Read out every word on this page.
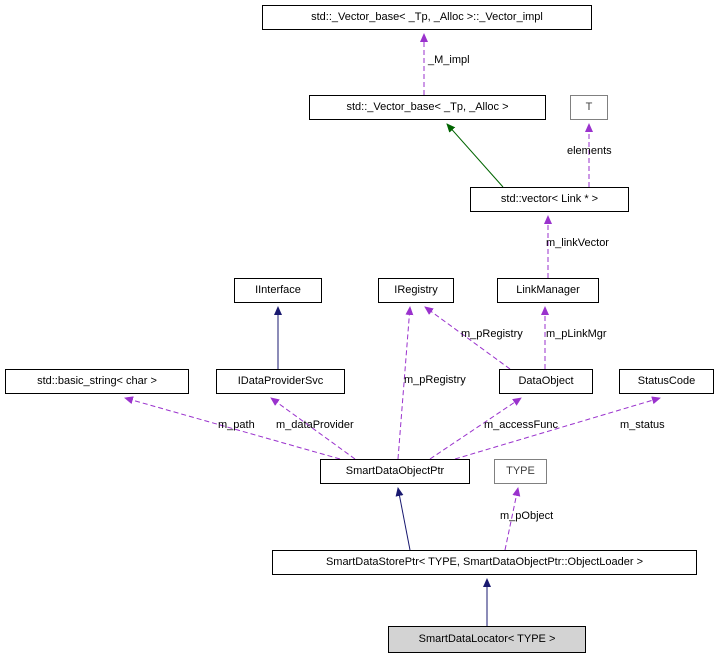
std::_Vector_base< _Tp, _Alloc >::_Vector_impl
std::_Vector_base< _Tp, _Alloc >	T
std::vector< Link * >
IInterface	IRegistry	LinkManager
std::basic_string< char >	IDataProviderSvc	DataObject	StatusCode
SmartDataObjectPtr	TYPE
SmartDataStorePtr< TYPE, SmartDataObjectPtr::ObjectLoader >
SmartDataLocator< TYPE >
_M_impl
elements
m_linkVector
m_pRegistry m_pLinkMgr
m_pRegistry
m_path m_dataProvider	m_accessFunc	m_status
m_pObject
